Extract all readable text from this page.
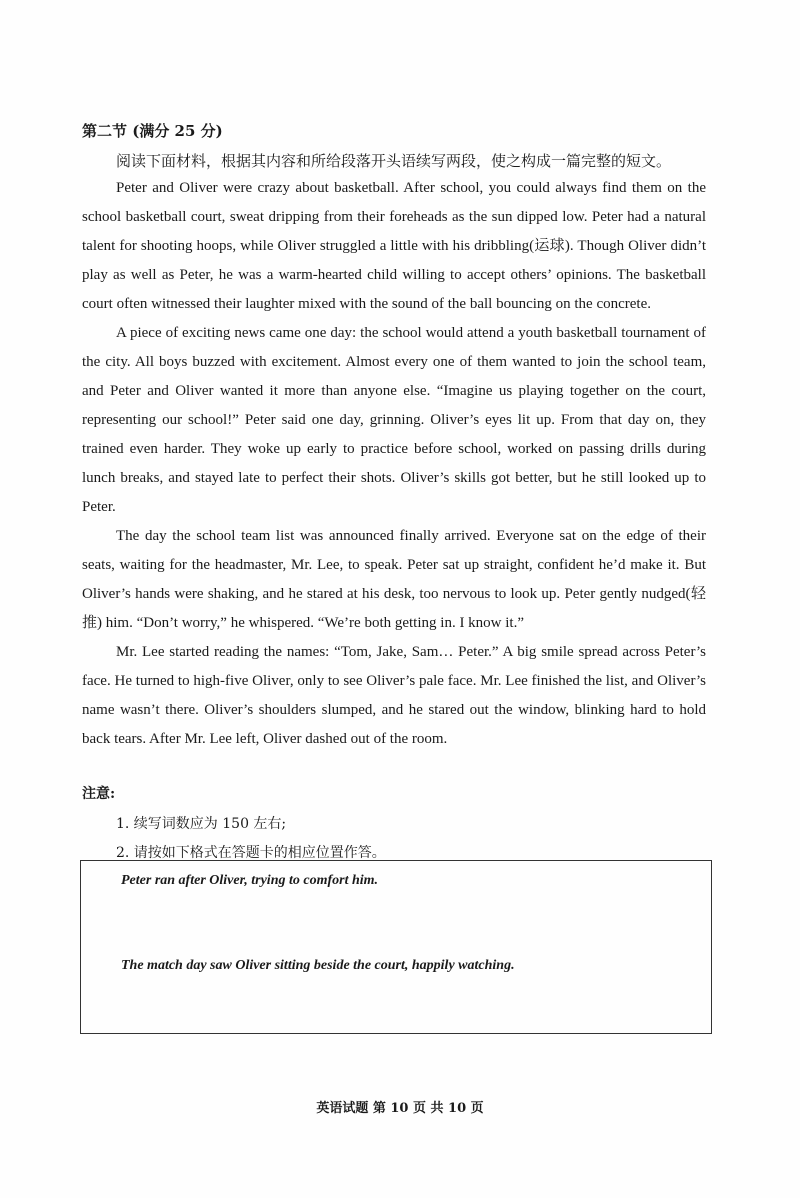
第二节 (满分 25 分)
阅读下面材料，根据其内容和所给段落开头语续写两段，使之构成一篇完整的短文。

Peter and Oliver were crazy about basketball. After school, you could always find them on the school basketball court, sweat dripping from their foreheads as the sun dipped low. Peter had a natural talent for shooting hoops, while Oliver struggled a little with his dribbling(运球). Though Oliver didn’t play as well as Peter, he was a warm-hearted child willing to accept others’ opinions. The basketball court often witnessed their laughter mixed with the sound of the ball bouncing on the concrete.

A piece of exciting news came one day: the school would attend a youth basketball tournament of the city. All boys buzzed with excitement. Almost every one of them wanted to join the school team, and Peter and Oliver wanted it more than anyone else. “Imagine us playing together on the court, representing our school!” Peter said one day, grinning. Oliver’s eyes lit up. From that day on, they trained even harder. They woke up early to practice before school, worked on passing drills during lunch breaks, and stayed late to perfect their shots. Oliver’s skills got better, but he still looked up to Peter.

The day the school team list was announced finally arrived. Everyone sat on the edge of their seats, waiting for the headmaster, Mr. Lee, to speak. Peter sat up straight, confident he’d make it. But Oliver’s hands were shaking, and he stared at his desk, too nervous to look up. Peter gently nudged(轻推) him. “Don’t worry,” he whispered. “We’re both getting in. I know it.”

Mr. Lee started reading the names: “Tom, Jake, Sam… Peter.” A big smile spread across Peter’s face. He turned to high-five Oliver, only to see Oliver’s pale face. Mr. Lee finished the list, and Oliver’s name wasn’t there. Oliver’s shoulders slumped, and he stared out the window, blinking hard to hold back tears. After Mr. Lee left, Oliver dashed out of the room.

注意:
1. 续写词数应为 150 左右;
2. 请按如下格式在答题卡的相应位置作答。
Peter ran after Oliver, trying to comfort him.
The match day saw Oliver sitting beside the court, happily watching.
英语试题 第 10 页 共 10 页
